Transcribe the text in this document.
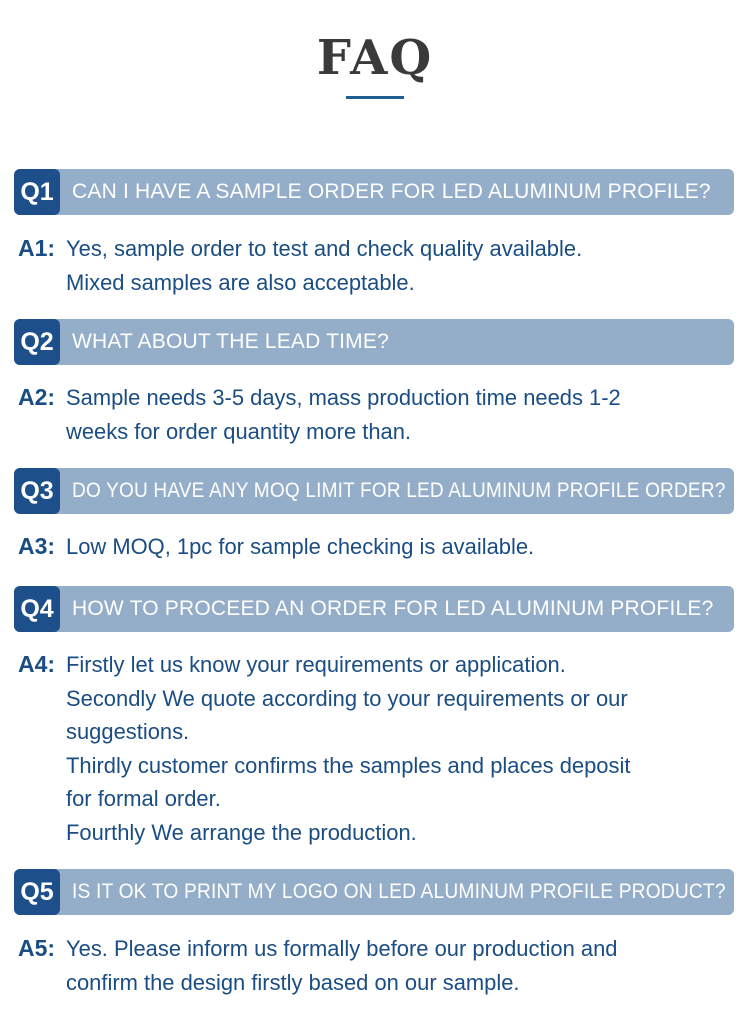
FAQ
Q1 CAN I HAVE A SAMPLE ORDER FOR LED ALUMINUM PROFILE?
A1: Yes, sample order to test and check quality available.
Mixed samples are also acceptable.
Q2 WHAT ABOUT THE LEAD TIME?
A2: Sample needs 3-5 days, mass production time needs 1-2
weeks for order quantity more than.
Q3 DO YOU HAVE ANY MOQ LIMIT FOR LED ALUMINUM PROFILE ORDER?
A3: Low MOQ, 1pc for sample checking is available.
Q4 HOW TO PROCEED AN ORDER FOR LED ALUMINUM PROFILE?
A4: Firstly let us know your requirements or application.
Secondly We quote according to your requirements or our
suggestions.
Thirdly customer confirms the samples and places deposit
for formal order.
Fourthly We arrange the production.
Q5 IS IT OK TO PRINT MY LOGO ON LED ALUMINUM PROFILE PRODUCT?
A5: Yes. Please inform us formally before our production and
confirm the design firstly based on our sample.
